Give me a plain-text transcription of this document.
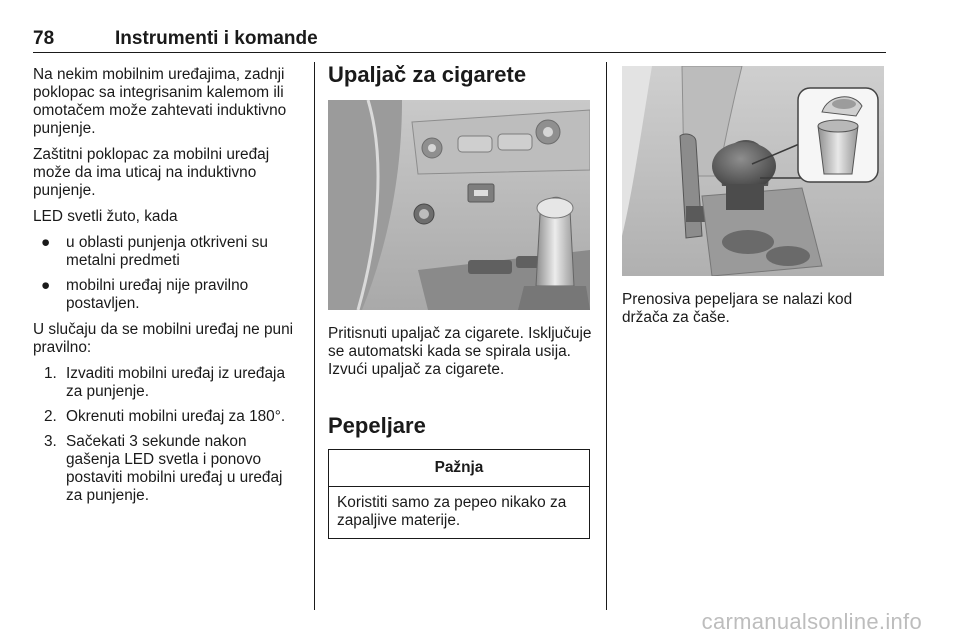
78	Instrumenti i komande

Na nekim mobilnim uređajima, zadnji poklopac sa integrisanim kalemom ili omotačem može zahtevati induktivno punjenje.

Zaštitni poklopac za mobilni uređaj može da ima uticaj na induktivno punjenje.

LED svetli žuto, kada

● u oblasti punjenja otkriveni su metalni predmeti
● mobilni uređaj nije pravilno postavljen.

U slučaju da se mobilni uređaj ne puni pravilno:

1. Izvaditi mobilni uređaj iz uređaja za punjenje.
2. Okrenuti mobilni uređaj za 180°.
3. Sačekati 3 sekunde nakon gašenja LED svetla i ponovo postaviti mobilni uređaj u uređaj za punjenje.
Upaljač za cigarete

Pritisnuti upaljač za cigarete. Isključuje se automatski kada se spirala usija. Izvući upaljač za cigarete.

Pepeljare
Pažnja
Koristiti samo za pepeo nikako za zapaljive materije.

Prenosiva pepeljara se nalazi kod držača za čaše.

carmanualsonline.info
